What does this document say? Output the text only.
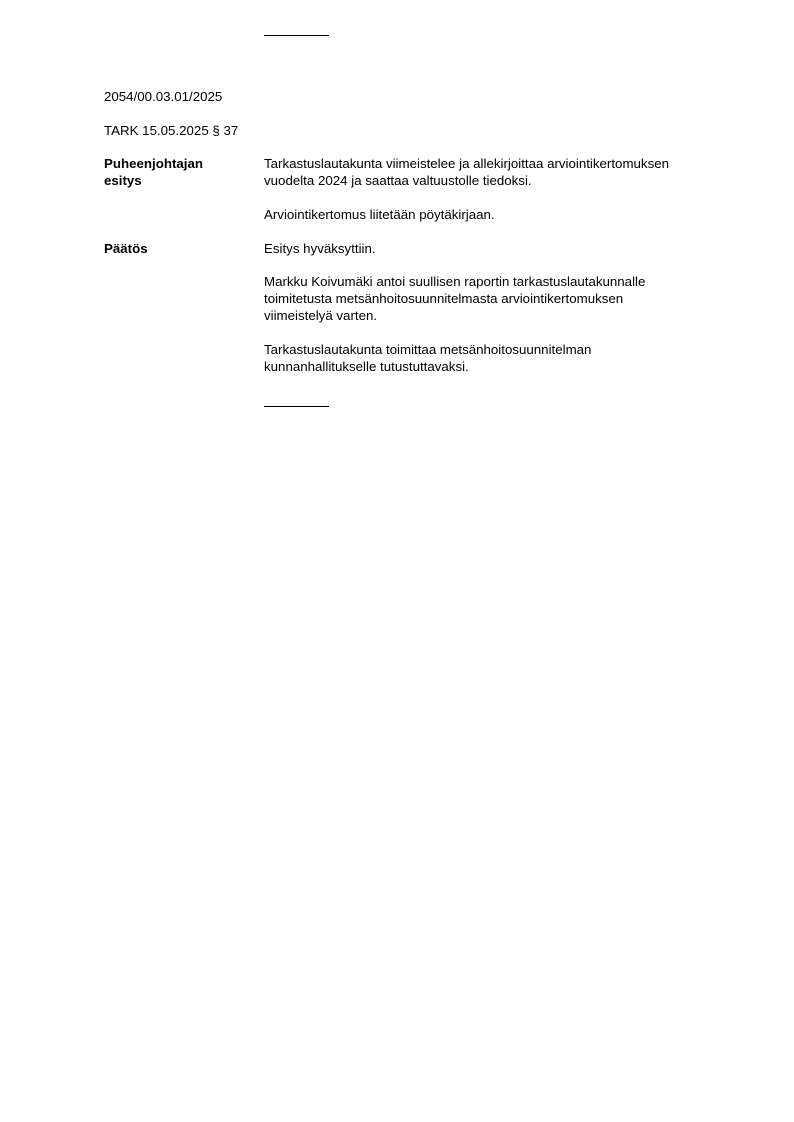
2054/00.03.01/2025
TARK 15.05.2025 § 37
Puheenjohtajan
esitys
Tarkastuslautakunta viimeistelee ja allekirjoittaa arviointikertomuksen
vuodelta 2024 ja saattaa valtuustolle tiedoksi.
Arviointikertomus liitetään pöytäkirjaan.
Päätös	Esitys hyväksyttiin.
Markku Koivumäki antoi suullisen raportin tarkastuslautakunnalle
toimitetusta metsänhoitosuunnitelmasta arviointikertomuksen
viimeistelyä varten.
Tarkastuslautakunta toimittaa metsänhoitosuunnitelman
kunnanhallitukselle tutustuttavaksi.
